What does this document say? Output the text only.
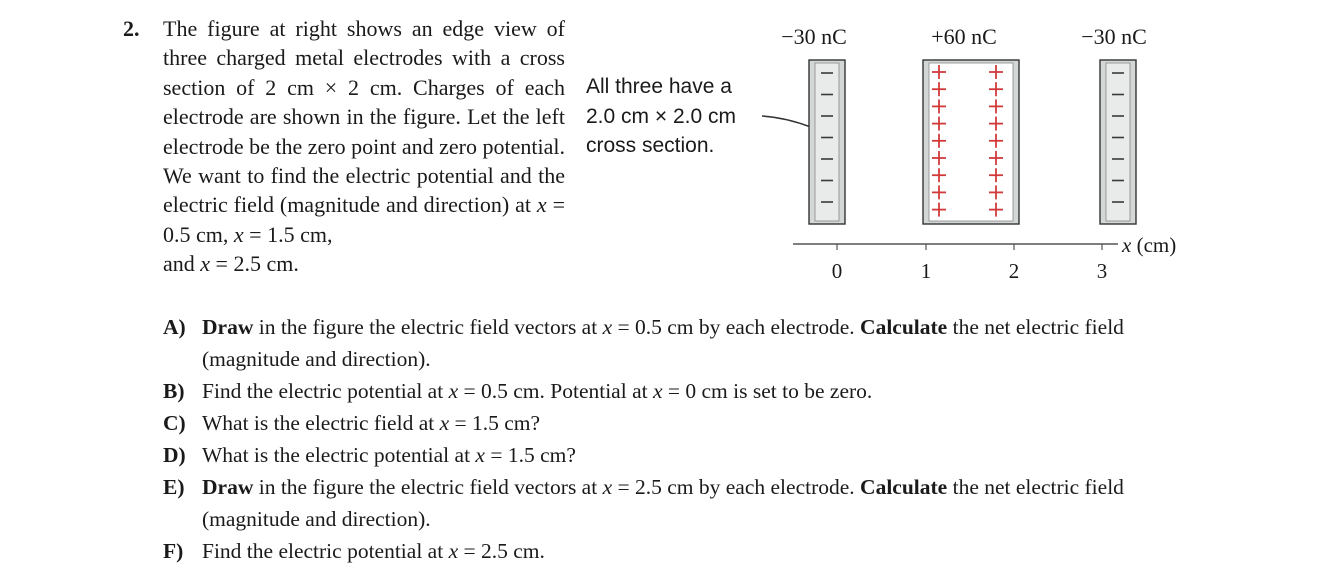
2. The figure at right shows an edge view of three charged metal electrodes with a cross section of 2 cm × 2 cm. Charges of each electrode are shown in the figure. Let the left electrode be the zero point and zero potential. We want to find the electric potential and the electric field (magnitude and direction) at x = 0.5 cm, x = 1.5 cm,
and x = 2.5 cm.
All three have a
2.0 cm × 2.0 cm
cross section.
−30 nC	+60 nC	−30 nC
0	1	2	3
x (cm)
A) Draw in the figure the electric field vectors at x = 0.5 cm by each electrode. Calculate the net electric field (magnitude and direction).
B) Find the electric potential at x = 0.5 cm. Potential at x = 0 cm is set to be zero.
C) What is the electric field at x = 1.5 cm?
D) What is the electric potential at x = 1.5 cm?
E) Draw in the figure the electric field vectors at x = 2.5 cm by each electrode. Calculate the net electric field (magnitude and direction).
F) Find the electric potential at x = 2.5 cm.
